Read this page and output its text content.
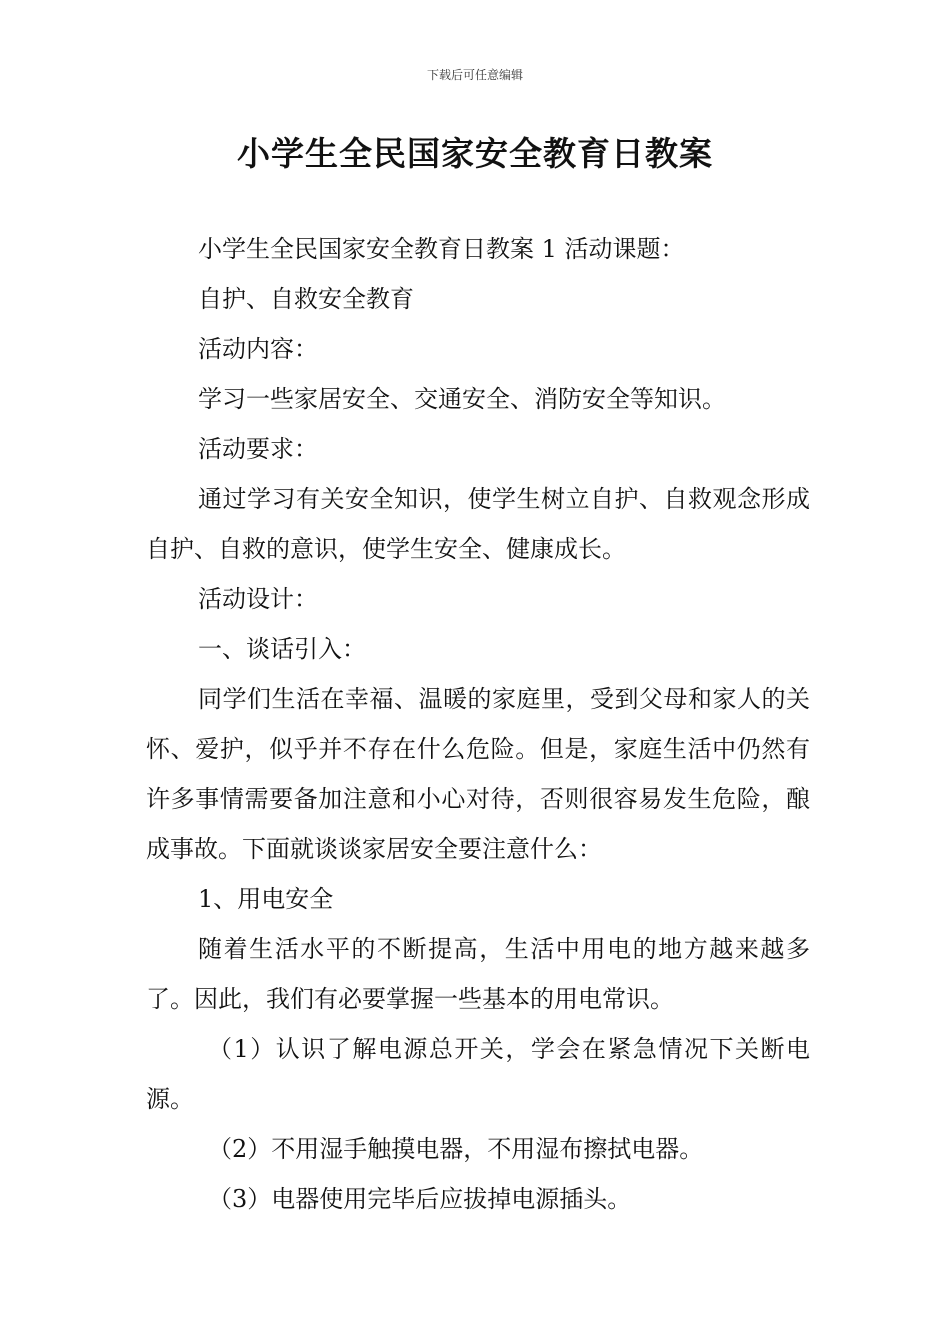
下载后可任意编辑
小学生全民国家安全教育日教案

小学生全民国家安全教育日教案 1 活动课题：

自护、自救安全教育

活动内容：

学习一些家居安全、交通安全、消防安全等知识。

活动要求：

通过学习有关安全知识，使学生树立自护、自救观念形成自护、自救的意识，使学生安全、健康成长。

活动设计：

一、谈话引入：

同学们生活在幸福、温暖的家庭里，受到父母和家人的关怀、爱护，似乎并不存在什么危险。但是，家庭生活中仍然有许多事情需要备加注意和小心对待，否则很容易发生危险，酿成事故。下面就谈谈家居安全要注意什么：

1、用电安全

随着生活水平的不断提高，生活中用电的地方越来越多了。因此，我们有必要掌握一些基本的用电常识。

（1）认识了解电源总开关，学会在紧急情况下关断电源。

（2）不用湿手触摸电器，不用湿布擦拭电器。

（3）电器使用完毕后应拔掉电源插头。
